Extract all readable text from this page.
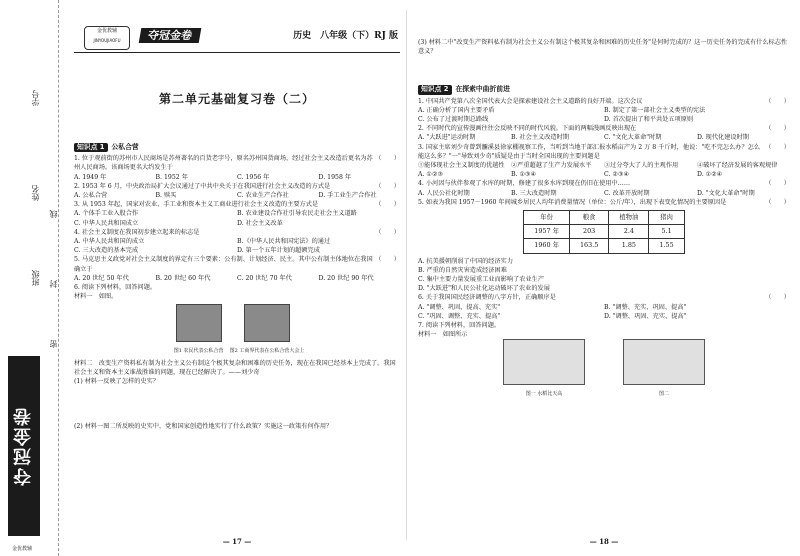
学号
姓名
班级
线
封
密
夺冠金卷
金优教辅
金优教辅
JINYOUJIAOFU	夺冠金卷	历史　八年级（下）RJ 版
第二单元基础复习卷（二）
知识点 1 公私合营
（　　）
1. 位于观前街的苏州市人民商场是苏州著名的百货老字号，原名苏州国货商场，经过社会主义改造后更名为苏州人民商场。该商场更名大约发生于
A. 1949 年	B. 1952 年	C. 1956 年	D. 1958 年
（　　）
2. 1953 年 6 月，中央政治局扩大会议通过了中共中央关于在我国进行社会主义改造的方式是
A. 公私合营	B. 赎买	C. 农业生产合作社	D. 手工业生产合作社
（　　）
3. 从 1953 年起，国家对农业、手工业和资本主义工商业进行社会主义改造的主要方式是
A. 个体手工业入股合作	B. 农业建设合作社引导农民走社会主义道路
C. 中华人民共和国成立	D. 社会主义改革
（　　）
4. 社会主义制度在我国初步建立起来的标志是
A. 中华人民共和国的成立	B.《中华人民共和国宪法》的通过
C. 三大改造的基本完成	D. 第一个五年计划的超额完成
（　　）
5. 马克思主义政党对社会主义制度的界定有三个要素：公有制、计划经济、民主。其中公有制主体地位在我国确立于
A. 20 世纪 50 年代	B. 20 世纪 60 年代	C. 20 世纪 70 年代	D. 20 世纪 90 年代
6. 阅读下列材料，回答问题。
材料一　如图。

图1 农民代表公私合营 图2 工商界代表在公私合营大会上
材料二　改变生产资料私有制为社会主义公有制这个极其复杂和困难的历史任务，现在在我国已经基本上完成了。我国社会主义和资本主义谁战胜谁的问题，现在已经解决了。——刘少奇
(1) 材料一反映了怎样的史实？
(2) 材料一图二所反映的史实中，党和国家创造性地实行了什么政策？实施这一政策有何作用？
— 17 —
(3) 材料二中"改变生产资料私有制为社会主义公有制这个极其复杂和困难的历史任务"是何时完成的？这一历史任务的完成有什么标志性意义？
知识点 2 在探索中曲折前进
（　　）
1. 中国共产党第八次全国代表大会是探索建设社会主义道路的良好开端。这次会议
A. 正确分析了国内主要矛盾	B. 制定了第一部社会主义类型的宪法
C. 公布了过渡时期总路线	D. 首次提出了和平共处五项原则
（　　）
2. 不同时代的宣传漫画往往会反映不同的时代风貌。下面的两幅漫画反映出现在
A. "大跃进"运动时期	B. 社会主义改造时期	C. "文化大革命"时期	D. 现代化建设时期
（　　）
3. 国家主席刘少奇曾到瀰溪县徐家棚视察工作，当听到当地干部汇报水稻亩产为 2 万 8 千斤时，他说："吃不完怎么办？怎么能这么多？"一"导致刘少奇"质疑是由于当时全国出现的主要问题是
①能体现社会主义制度的优越性	②严重超越了生产力发展水平	③过分夸大了人的主观作用	④破坏了经济发展的客观规律
A. ①②③	B. ①③④	C. ②③④	D. ①②④
（　　）
4. 小河因与伙伴参观了水库的时期，修建了很多水库到现在仍旧在使用中……
A. 人民公社化时期	B. 三大改造时期	C. 改革开放时期	D. "文化大革命"时期
（　　）
5. 如表为我国 1957－1960 年间城乡居民人均年消费量情况（单位：公斤/年），出现下表变化情况的主要原因是
年份	粮食	植物油	猪肉
1957 年	203	2.4	5.1
1960 年	163.5	1.85	1.55
A. 抗美援朝削弱了中国的经济实力
B. 严重的自然灾害造成经济困难
C. 集中主要力量发展重工业而影响了农业生产
D. "大跃进"和人民公社化运动破坏了农业的发展
（　　）
6. 关于我国国民经济调整的八字方针，正确顺序是
A. "调整、巩固、提高、充实"	B. "调整、充实、巩固、提高"
C. "巩固、调整、充实、提高"	D. "调整、巩固、充实、提高"
7. 阅读下列材料，回答问题。
材料一　如图所示

图一 水稻比天高	图二
— 18 —
